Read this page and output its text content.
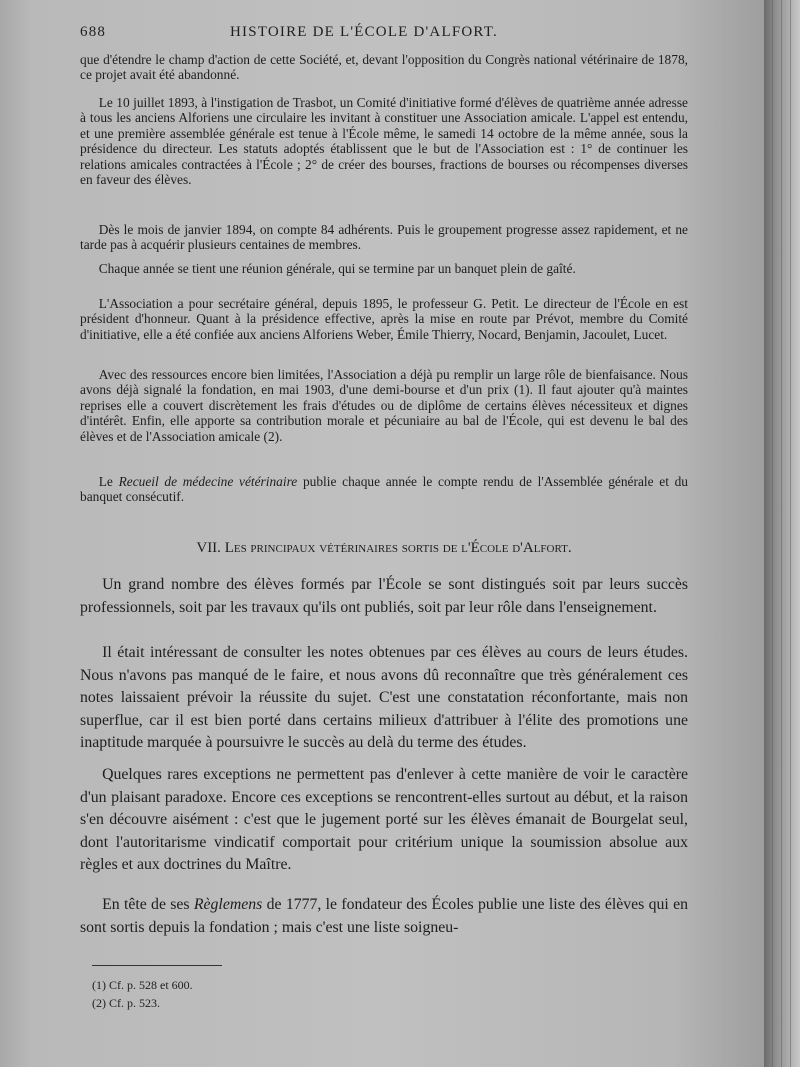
688	HISTOIRE DE L'ÉCOLE D'ALFORT.

que d'étendre le champ d'action de cette Société, et, devant l'opposition du Congrès national vétérinaire de 1878, ce projet avait été abandonné.

Le 10 juillet 1893, à l'instigation de Trasbot, un Comité d'initiative formé d'élèves de quatrième année adresse à tous les anciens Alforiens une circulaire les invitant à constituer une Association amicale. L'appel est entendu, et une première assemblée générale est tenue à l'École même, le samedi 14 octobre de la même année, sous la présidence du directeur. Les statuts adoptés établissent que le but de l'Association est : 1° de continuer les relations amicales contractées à l'École ; 2° de créer des bourses, fractions de bourses ou récompenses diverses en faveur des élèves.

Dès le mois de janvier 1894, on compte 84 adhérents. Puis le groupement progresse assez rapidement, et ne tarde pas à acquérir plusieurs centaines de membres.

Chaque année se tient une réunion générale, qui se termine par un banquet plein de gaîté.

L'Association a pour secrétaire général, depuis 1895, le professeur G. Petit. Le directeur de l'École en est président d'honneur. Quant à la présidence effective, après la mise en route par Prévot, membre du Comité d'initiative, elle a été confiée aux anciens Alforiens Weber, Émile Thierry, Nocard, Benjamin, Jacoulet, Lucet.

Avec des ressources encore bien limitées, l'Association a déjà pu remplir un large rôle de bienfaisance. Nous avons déjà signalé la fondation, en mai 1903, d'une demi-bourse et d'un prix (1). Il faut ajouter qu'à maintes reprises elle a couvert discrètement les frais d'études ou de diplôme de certains élèves nécessiteux et dignes d'intérêt. Enfin, elle apporte sa contribution morale et pécuniaire au bal de l'École, qui est devenu le bal des élèves et de l'Association amicale (2).

Le Recueil de médecine vétérinaire publie chaque année le compte rendu de l'Assemblée générale et du banquet consécutif.

VII. Les principaux vétérinaires sortis de l'École d'Alfort.

Un grand nombre des élèves formés par l'École se sont distingués soit par leurs succès professionnels, soit par les travaux qu'ils ont publiés, soit par leur rôle dans l'enseignement.

Il était intéressant de consulter les notes obtenues par ces élèves au cours de leurs études. Nous n'avons pas manqué de le faire, et nous avons dû reconnaître que très généralement ces notes laissaient prévoir la réussite du sujet. C'est une constatation réconfortante, mais non superflue, car il est bien porté dans certains milieux d'attribuer à l'élite des promotions une inaptitude marquée à poursuivre le succès au delà du terme des études.

Quelques rares exceptions ne permettent pas d'enlever à cette manière de voir le caractère d'un plaisant paradoxe. Encore ces exceptions se rencontrent-elles surtout au début, et la raison s'en découvre aisément : c'est que le jugement porté sur les élèves émanait de Bourgelat seul, dont l'autoritarisme vindicatif comportait pour critérium unique la soumission absolue aux règles et aux doctrines du Maître.

En tête de ses Règlemens de 1777, le fondateur des Écoles publie une liste des élèves qui en sont sortis depuis la fondation ; mais c'est une liste soigneu-

(1) Cf. p. 528 et 600.
(2) Cf. p. 523.
